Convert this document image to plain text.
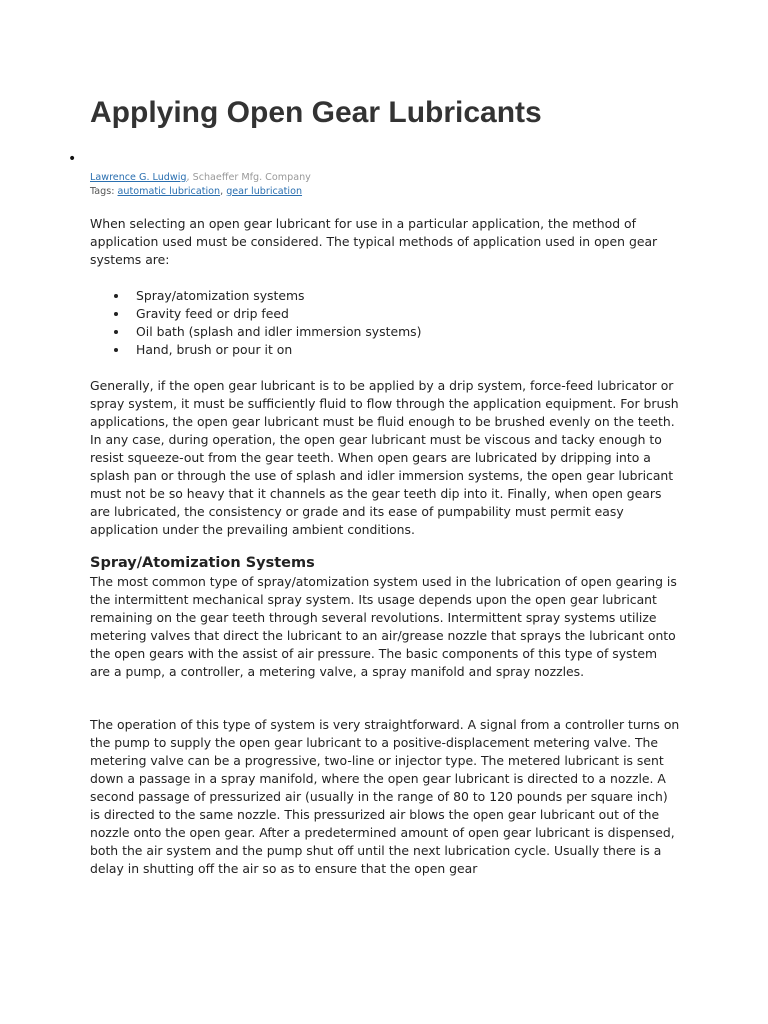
Applying Open Gear Lubricants
•
Lawrence G. Ludwig, Schaeffer Mfg. Company
Tags: automatic lubrication, gear lubrication

When selecting an open gear lubricant for use in a particular application, the method of application used must be considered. The typical methods of application used in open gear systems are:

Spray/atomization systems
Gravity feed or drip feed
Oil bath (splash and idler immersion systems)
Hand, brush or pour it on

Generally, if the open gear lubricant is to be applied by a drip system, force-feed lubricator or spray system, it must be sufficiently fluid to flow through the application equipment. For brush applications, the open gear lubricant must be fluid enough to be brushed evenly on the teeth. In any case, during operation, the open gear lubricant must be viscous and tacky enough to resist squeeze-out from the gear teeth. When open gears are lubricated by dripping into a splash pan or through the use of splash and idler immersion systems, the open gear lubricant must not be so heavy that it channels as the gear teeth dip into it. Finally, when open gears are lubricated, the consistency or grade and its ease of pumpability must permit easy application under the prevailing ambient conditions.

Spray/Atomization Systems

The most common type of spray/atomization system used in the lubrication of open gearing is the intermittent mechanical spray system. Its usage depends upon the open gear lubricant remaining on the gear teeth through several revolutions. Intermittent spray systems utilize metering valves that direct the lubricant to an air/grease nozzle that sprays the lubricant onto the open gears with the assist of air pressure. The basic components of this type of system are a pump, a controller, a metering valve, a spray manifold and spray nozzles.

The operation of this type of system is very straightforward. A signal from a controller turns on the pump to supply the open gear lubricant to a positive-displacement metering valve. The metering valve can be a progressive, two-line or injector type. The metered lubricant is sent down a passage in a spray manifold, where the open gear lubricant is directed to a nozzle. A second passage of pressurized air (usually in the range of 80 to 120 pounds per square inch) is directed to the same nozzle. This pressurized air blows the open gear lubricant out of the nozzle onto the open gear. After a predetermined amount of open gear lubricant is dispensed, both the air system and the pump shut off until the next lubrication cycle. Usually there is a delay in shutting off the air so as to ensure that the open gear
